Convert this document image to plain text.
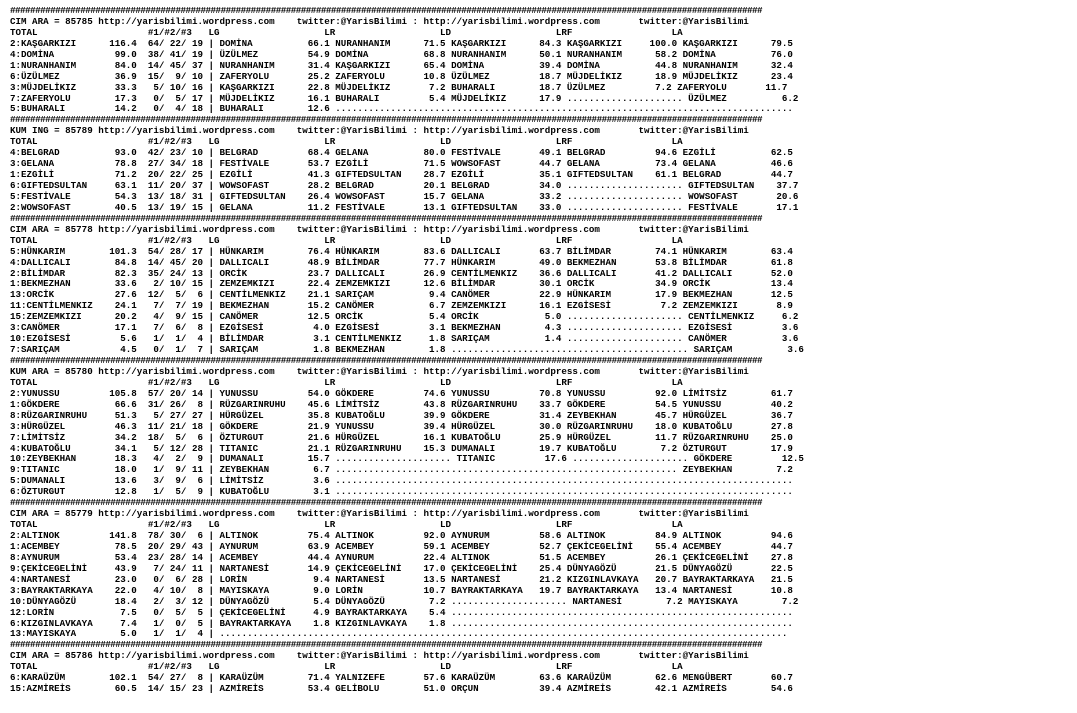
######################################################################################################################################################
CIM ARA = 85785 http://yarisbilimi.wordpress.com    twitter:@YarisBilimi : http://yarisbilimi.wordpress.com       twitter:@YarisBilimi
TOTAL                    #1/#2/#3   LG                   LR                   LD                   LRF                  LA
2:KAŞGARKIZI      116.4  64/ 22/ 19 | DOMİNA          66.1 NURANHANIM      71.5 KAŞGARKIZI      84.3 KAŞGARKIZI     100.0 KAŞGARKIZI      79.5
4:DOMİNA           99.0  38/ 41/ 19 | ÜZÜLMEZ         54.9 DOMİNA          68.8 NURANHANIM      50.1 NURANHANIM      58.2 DOMİNA          76.0
1:NURANHANIM       84.0  14/ 45/ 37 | NURANHANIM      31.4 KAŞGARKIZI      65.4 DOMİNA          39.4 DOMİNA          44.8 NURANHANIM      32.4
6:ÜZÜLMEZ          36.9  15/  9/ 10 | ZAFERYOLU       25.2 ZAFERYOLU       10.8 ÜZÜLMEZ         18.7 MÜJDELİKIZ      18.9 MÜJDELİKIZ      23.4
3:MÜJDELİKIZ       33.3   5/ 10/ 16 | KAŞGARKIZI      22.8 MÜJDELİKIZ       7.2 BUHARALI        18.7 ÜZÜLMEZ         7.2 ZAFERYOLU       11.7
7:ZAFERYOLU        17.3   0/  5/ 17 | MÜJDELİKIZ      16.1 BUHARALI         5.4 MÜJDELİKIZ      17.9 ..................... ÜZÜLMEZ          6.2
5:BUHARALI         14.2   0/  4/ 18 | BUHARALI        12.6 ...................................................................................
######################################################################################################################################################
KUM ING = 85789 http://yarisbilimi.wordpress.com    twitter:@YarisBilimi : http://yarisbilimi.wordpress.com       twitter:@YarisBilimi
TOTAL                    #1/#2/#3   LG                   LR                   LD                   LRF                  LA
4:BELGRAD          93.0  42/ 23/ 10 | BELGRAD         68.4 GELANA          80.0 FESTİVALE       49.1 BELGRAD         94.6 EZGİLİ          62.5
3:GELANA           78.8  27/ 34/ 18 | FESTİVALE       53.7 EZGİLİ          71.5 WOWSOFAST       44.7 GELANA          73.4 GELANA          46.6
1:EZGİLİ           71.2  20/ 22/ 25 | EZGİLİ          41.3 GIFTEDSULTAN    28.7 EZGİLİ          35.1 GIFTEDSULTAN    61.1 BELGRAD         44.7
6:GIFTEDSULTAN     63.1  11/ 20/ 37 | WOWSOFAST       28.2 BELGRAD         20.1 BELGRAD         34.0 ..................... GIFTEDSULTAN    37.7
5:FESTİVALE        54.3  13/ 18/ 31 | GIFTEDSULTAN    26.4 WOWSOFAST       15.7 GELANA          33.2 ..................... WOWSOFAST       20.6
2:WOWSOFAST        40.5  13/ 19/ 15 | GELANA          11.2 FESTİVALE       13.1 GIFTEDSULTAN    33.0 ..................... FESTİVALE       17.1
######################################################################################################################################################
CIM ARA = 85778 http://yarisbilimi.wordpress.com    twitter:@YarisBilimi : http://yarisbilimi.wordpress.com       twitter:@YarisBilimi
TOTAL                    #1/#2/#3   LG                   LR                   LD                   LRF                  LA
5:HÜNKARIM        101.3  54/ 28/ 17 | HÜNKARIM        76.4 HÜNKARIM        83.6 DALLICALI       63.7 BİLİMDAR        74.1 HÜNKARIM        63.4
4:DALLICALI        84.8  14/ 45/ 20 | DALLICALI       48.9 BİLİMDAR        77.7 HÜNKARIM        49.0 BEKMEZHAN       53.8 BİLİMDAR        61.8
2:BİLİMDAR         82.3  35/ 24/ 13 | ORCİK           23.7 DALLICALI       26.9 CENTİLMENKIZ    36.6 DALLICALI       41.2 DALLICALI       52.0
1:BEKMEZHAN        33.6   2/ 10/ 15 | ZEMZEMKIZI      22.4 ZEMZEMKIZI      12.6 BİLİMDAR        30.1 ORCİK           34.9 ORCİK           13.4
13:ORCİK           27.6  12/  5/  6 | CENTİLMENKIZ    21.1 SARIÇAM          9.4 CANÖMER         22.9 HÜNKARIM        17.9 BEKMEZHAN       12.5
11:CENTİLMENKIZ    24.1   7/  7/ 19 | BEKMEZHAN       15.2 CANÖMER          6.7 ZEMZEMKIZI      16.1 EZGİSESİ         7.2 ZEMZEMKIZI       8.9
15:ZEMZEMKIZI      20.2   4/  9/ 15 | CANÖMER         12.5 ORCİK            5.4 ORCİK            5.0 ..................... CENTİLMENKIZ     6.2
3:CANÖMER          17.1   7/  6/  8 | EZGİSESİ         4.0 EZGİSESİ         3.1 BEKMEZHAN        4.3 ..................... EZGİSESİ         3.6
10:EZGİSESİ         5.6   1/  1/  4 | BİLİMDAR         3.1 CENTİLMENKIZ     1.8 SARIÇAM          1.4 ..................... CANÖMER          3.6
7:SARIÇAM           4.5   0/  1/  7 | SARIÇAM          1.8 BEKMEZHAN        1.8 ........................................... SARIÇAM          3.6
######################################################################################################################################################
KUM ARA = 85780 http://yarisbilimi.wordpress.com    twitter:@YarisBilimi : http://yarisbilimi.wordpress.com       twitter:@YarisBilimi
TOTAL                    #1/#2/#3   LG                   LR                   LD                   LRF                  LA
2:YUNUSSU         105.8  57/ 20/ 14 | YUNUSSU         54.0 GÖKDERE         74.6 YUNUSSU         70.8 YUNUSSU         92.0 LİMİTSİZ        61.7
1:GÖKDERE          66.6  31/ 26/  8 | RÜZGARINRUHU    45.6 LİMİTSİZ        43.8 RÜZGARINRUHU    33.7 GÖKDERE         54.5 YUNUSSU         40.2
8:RÜZGARINRUHU     51.3   5/ 27/ 27 | HÜRGÜZEL        35.8 KUBATOĞLU       39.9 GÖKDERE         31.4 ZEYBEKHAN       45.7 HÜRGÜZEL        36.7
3:HÜRGÜZEL         46.3  11/ 21/ 18 | GÖKDERE         21.9 YUNUSSU         39.4 HÜRGÜZEL        30.0 RÜZGARINRUHU    18.0 KUBATOĞLU       27.8
7:LİMİTSİZ         34.2  18/  5/  6 | ÖZTURGUT        21.6 HÜRGÜZEL        16.1 KUBATOĞLU       25.9 HÜRGÜZEL        11.7 RÜZGARINRUHU    25.0
4:KUBATOĞLU        34.1   5/ 12/ 28 | TITANIC         21.1 RÜZGARINRUHU    15.3 DUMANALI        19.7 KUBATOĞLU        7.2 ÖZTURGUT        17.9
10:ZEYBEKHAN       18.3   4/  2/  9 | DUMANALI        15.7 ..................... TITANIC         17.6 ..................... GÖKDERE         12.5
9:TITANIC          18.0   1/  9/ 11 | ZEYBEKHAN        6.7 .............................................................. ZEYBEKHAN        7.2
5:DUMANALI         13.6   3/  9/  6 | LİMİTSİZ         3.6 ...................................................................................
6:ÖZTURGUT         12.8   1/  5/  9 | KUBATOĞLU        3.1 ...................................................................................
######################################################################################################################################################
CIM ARA = 85779 http://yarisbilimi.wordpress.com    twitter:@YarisBilimi : http://yarisbilimi.wordpress.com       twitter:@YarisBilimi
TOTAL                    #1/#2/#3   LG                   LR                   LD                   LRF                  LA
2:ALTINOK         141.8  78/ 30/  6 | ALTINOK         75.4 ALTINOK         92.0 AYNURUM         58.6 ALTINOK         84.9 ALTINOK         94.6
1:ACEMBEY          78.5  20/ 29/ 43 | AYNURUM         63.9 ACEMBEY         59.1 ACEMBEY         52.7 ÇEKİCEGELİNİ    55.4 ACEMBEY         44.7
8:AYNURUM          53.4  23/ 28/ 14 | ACEMBEY         44.4 AYNURUM         22.4 ALTINOK         51.5 ACEMBEY         26.1 ÇEKİCEGELİNİ    27.8
9:ÇEKİCEGELİNİ     43.9   7/ 24/ 11 | NARTANESİ       14.9 ÇEKİCEGELİNİ    17.0 ÇEKİCEGELİNİ    25.4 DÜNYAGÖZÜ       21.5 DÜNYAGÖZÜ       22.5
4:NARTANESİ        23.0   0/  6/ 28 | LORİN            9.4 NARTANESİ       13.5 NARTANESİ       21.2 KIZGINLAVKAYA   20.7 BAYRAKTARKAYA   21.5
3:BAYRAKTARKAYA    22.0   4/ 10/  8 | MAYISKAYA        9.0 LORİN           10.7 BAYRAKTARKAYA   19.7 BAYRAKTARKAYA   13.4 NARTANESİ       10.8
10:DÜNYAGÖZÜ       18.4   2/  3/ 12 | DÜNYAGÖZÜ        5.4 DÜNYAGÖZÜ        7.2 ..................... NARTANESİ        7.2 MAYISKAYA        7.2
12:LORİN            7.5   0/  5/  5 | ÇEKİCEGELİNİ     4.9 BAYRAKTARKAYA    5.4 ..............................................................
6:KIZGINLAVKAYA     7.4   1/  0/  5 | BAYRAKTARKAYA    1.8 KIZGINLAVKAYA    1.8 ..............................................................
13:MAYISKAYA        5.0   1/  1/  4 | .......................................................................................................
######################################################################################################################################################
CIM ARA = 85786 http://yarisbilimi.wordpress.com    twitter:@YarisBilimi : http://yarisbilimi.wordpress.com       twitter:@YarisBilimi
TOTAL                    #1/#2/#3   LG                   LR                   LD                   LRF                  LA
6:KARAÜZÜM        102.1  54/ 27/  8 | KARAÜZÜM        71.4 YALNIZEFE       57.6 KARAÜZÜM        63.6 KARAÜZÜM        62.6 MENGÜBERT       60.7
15:AZMİREİS        60.5  14/ 15/ 23 | AZMİREİS        53.4 GELİBOLU        51.0 ORÇUN           39.4 AZMİREİS        42.1 AZMİREİS        54.6
